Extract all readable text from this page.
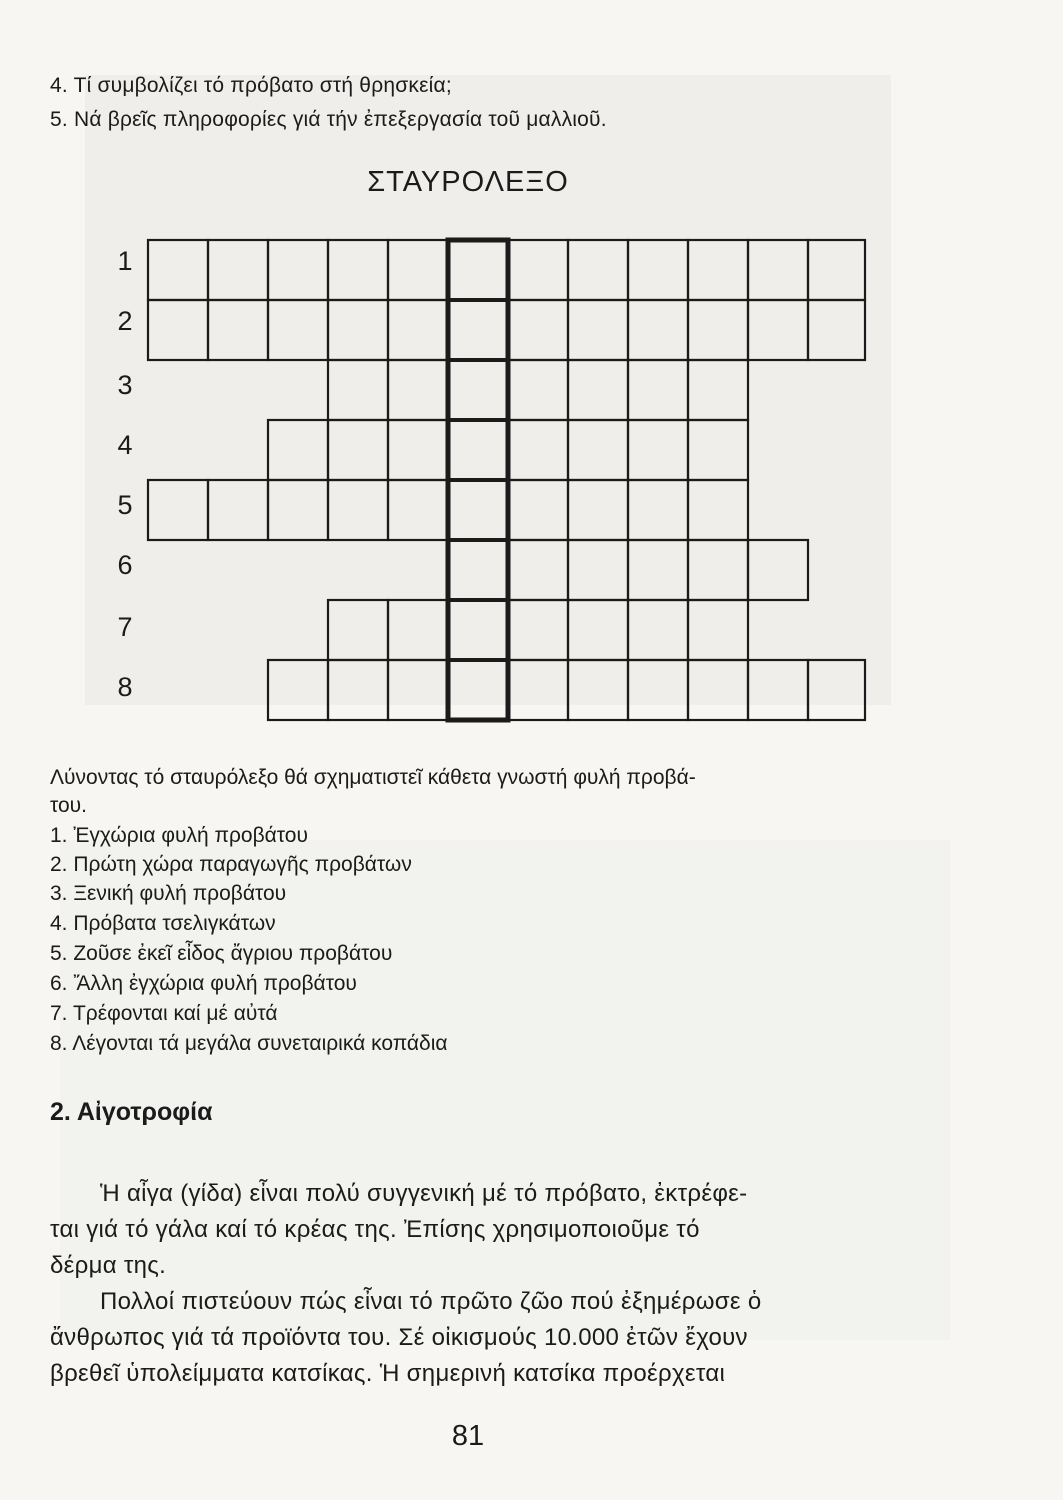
4. Τί συμβολίζει τό πρόβατο στή θρησκεία;
5. Νά βρεῖς πληροφορίες γιά τήν ἐπεξεργασία τοῦ μαλλιοῦ.
ΣΤΑΥΡΟΛΕΞΟ
1
2
3
4
5
6
7
8
Λύνοντας τό σταυρόλεξο θά σχηματιστεῖ κάθετα γνωστή φυλή προβά-
του.
1. Ἐγχώρια φυλή προβάτου
2. Πρώτη χώρα παραγωγῆς προβάτων
3. Ξενική φυλή προβάτου
4. Πρόβατα τσελιγκάτων
5. Ζοῦσε ἐκεῖ εἶδος ἄγριου προβάτου
6. Ἄλλη ἐγχώρια φυλή προβάτου
7. Τρέφονται καί μέ αὐτά
8. Λέγονται τά μεγάλα συνεταιρικά κοπάδια
2. Αἰγοτροφία
Ἡ αἶγα (γίδα) εἶναι πολύ συγγενική μέ τό πρόβατο, ἐκτρέφε-
ται γιά τό γάλα καί τό κρέας της. Ἐπίσης χρησιμοποιοῦμε τό
δέρμα της.
Πολλοί πιστεύουν πώς εἶναι τό πρῶτο ζῶο πού ἐξημέρωσε ὁ
ἄνθρωπος γιά τά προϊόντα του. Σέ οἰκισμούς 10.000 ἐτῶν ἔχουν
βρεθεῖ ὑπολείμματα κατσίκας. Ἡ σημερινή κατσίκα προέρχεται
81
